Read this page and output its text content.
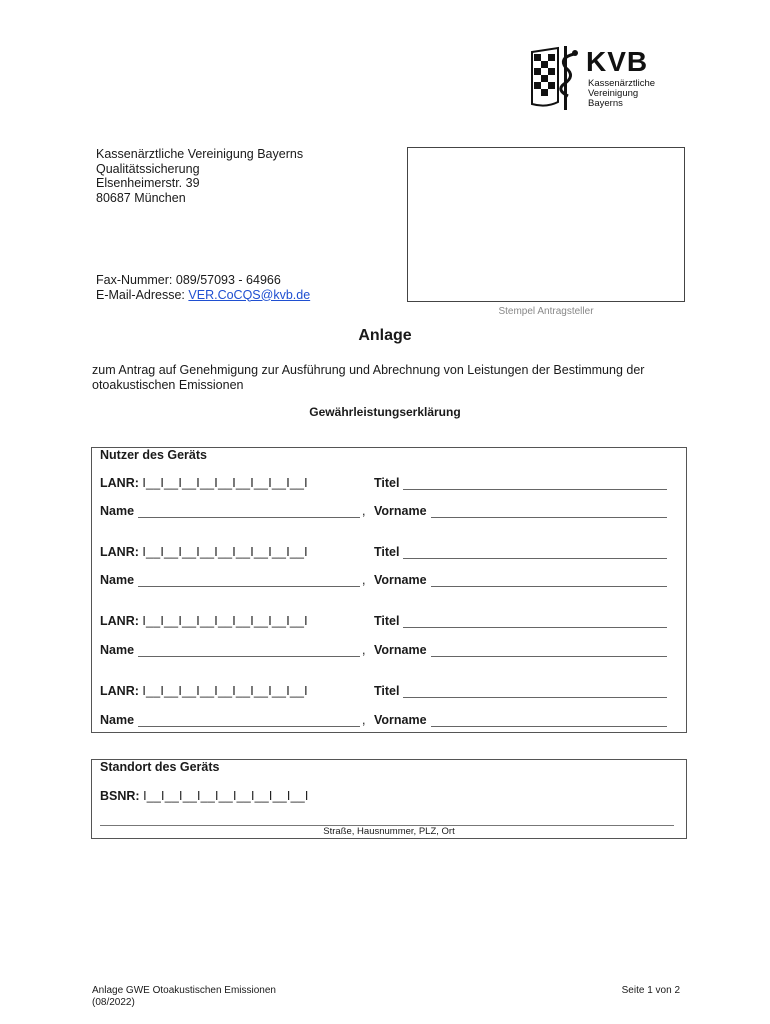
KVB
Kassenärztliche
Vereinigung
Bayerns
Kassenärztliche Vereinigung Bayerns
Qualitätssicherung
Elsenheimerstr. 39
80687 München
Fax-Nummer: 089/57093 - 64966
E-Mail-Adresse: VER.CoCQS@kvb.de
Stempel Antragsteller
Anlage
zum Antrag auf Genehmigung zur Ausführung und Abrechnung von Leistungen der Bestimmung der otoakustischen Emissionen
Gewährleistungserklärung
Nutzer des Geräts
LANR: I__I__I__I__I__I__I__I__I__I	Titel
Name	, Vorname
LANR: I__I__I__I__I__I__I__I__I__I	Titel
Name	, Vorname
LANR: I__I__I__I__I__I__I__I__I__I	Titel
Name	, Vorname
LANR: I__I__I__I__I__I__I__I__I__I	Titel
Name	, Vorname
Standort des Geräts
BSNR: I__I__I__I__I__I__I__I__I__I
Straße, Hausnummer, PLZ, Ort
Anlage GWE Otoakustischen Emissionen
(08/2022)
Seite 1 von 2
